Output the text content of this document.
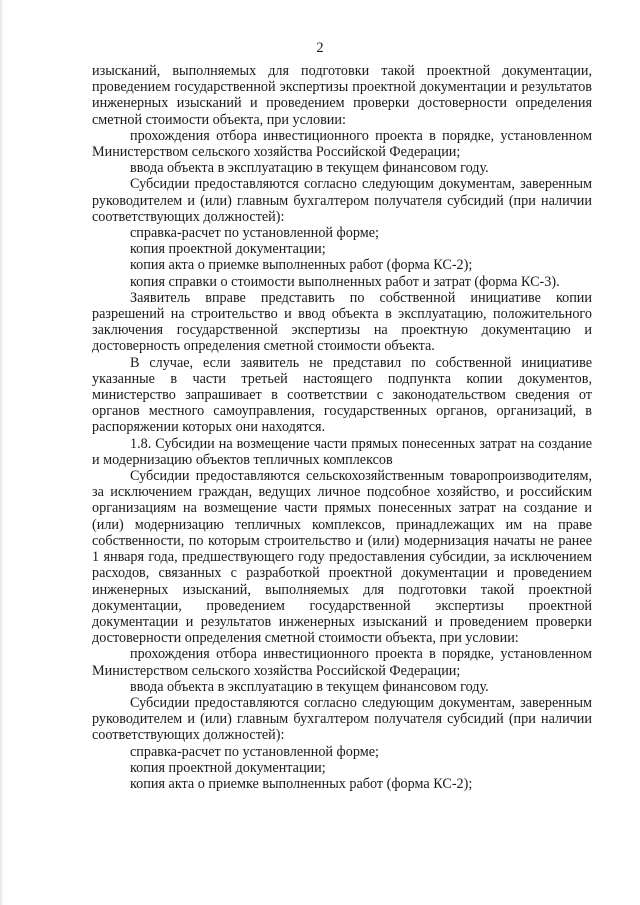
2

изысканий, выполняемых для подготовки такой проектной документации, проведением государственной экспертизы проектной документации и результатов инженерных изысканий и проведением проверки достоверности определения сметной стоимости объекта, при условии:

прохождения отбора инвестиционного проекта в порядке, установленном Министерством сельского хозяйства Российской Федерации;

ввода объекта в эксплуатацию в текущем финансовом году.

Субсидии предоставляются согласно следующим документам, заверенным руководителем и (или) главным бухгалтером получателя субсидий (при наличии соответствующих должностей):

справка-расчет по установленной форме;

копия проектной документации;

копия акта о приемке выполненных работ (форма КС-2);

копия справки о стоимости выполненных работ и затрат (форма КС-3).

Заявитель вправе представить по собственной инициативе копии разрешений на строительство и ввод объекта в эксплуатацию, положительного заключения государственной экспертизы на проектную документацию и достоверность определения сметной стоимости объекта.

В случае, если заявитель не представил по собственной инициативе указанные в части третьей настоящего подпункта копии документов, министерство запрашивает в соответствии с законодательством сведения от органов местного самоуправления, государственных органов, организаций, в распоряжении которых они находятся.

1.8. Субсидии на возмещение части прямых понесенных затрат на создание и модернизацию объектов тепличных комплексов

Субсидии предоставляются сельскохозяйственным товаропроизводителям, за исключением граждан, ведущих личное подсобное хозяйство, и российским организациям на возмещение части прямых понесенных затрат на создание и (или) модернизацию тепличных комплексов, принадлежащих им на праве собственности, по которым строительство и (или) модернизация начаты не ранее 1 января года, предшествующего году предоставления субсидии, за исключением расходов, связанных с разработкой проектной документации и проведением инженерных изысканий, выполняемых для подготовки такой проектной документации, проведением государственной экспертизы проектной документации и результатов инженерных изысканий и проведением проверки достоверности определения сметной стоимости объекта, при условии:

прохождения отбора инвестиционного проекта в порядке, установленном Министерством сельского хозяйства Российской Федерации;

ввода объекта в эксплуатацию в текущем финансовом году.

Субсидии предоставляются согласно следующим документам, заверенным руководителем и (или) главным бухгалтером получателя субсидий (при наличии соответствующих должностей):

справка-расчет по установленной форме;

копия проектной документации;

копия акта о приемке выполненных работ (форма КС-2);
